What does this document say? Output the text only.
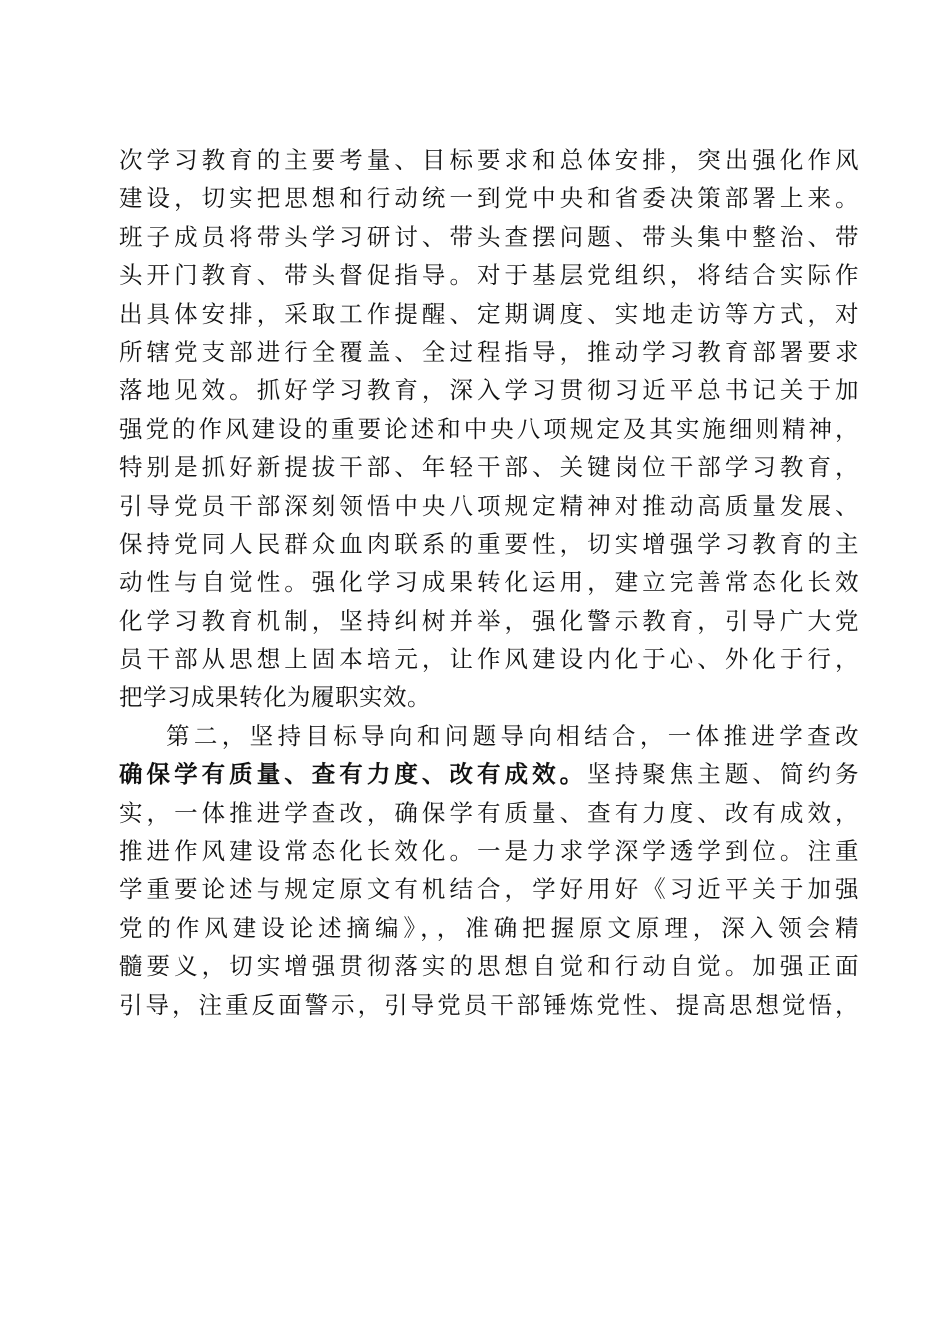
次学习教育的主要考量、目标要求和总体安排，突出强化作风
建设，切实把思想和行动统一到党中央和省委决策部署上来。
班子成员将带头学习研讨、带头查摆问题、带头集中整治、带
头开门教育、带头督促指导。对于基层党组织，将结合实际作
出具体安排，采取工作提醒、定期调度、实地走访等方式，对
所辖党支部进行全覆盖、全过程指导，推动学习教育部署要求
落地见效。抓好学习教育，深入学习贯彻习近平总书记关于加
强党的作风建设的重要论述和中央八项规定及其实施细则精神，
特别是抓好新提拔干部、年轻干部、关键岗位干部学习教育，
引导党员干部深刻领悟中央八项规定精神对推动高质量发展、
保持党同人民群众血肉联系的重要性，切实增强学习教育的主
动性与自觉性。强化学习成果转化运用，建立完善常态化长效
化学习教育机制，坚持纠树并举，强化警示教育，引导广大党
员干部从思想上固本培元，让作风建设内化于心、外化于行，
把学习成果转化为履职实效。
第二，坚持目标导向和问题导向相结合，一体推进学查改
确保学有质量、查有力度、改有成效。坚持聚焦主题、简约务
实，一体推进学查改，确保学有质量、查有力度、改有成效，
推进作风建设常态化长效化。一是力求学深学透学到位。注重
学重要论述与规定原文有机结合，学好用好《习近平关于加强
党的作风建设论述摘编》，，准确把握原文原理，深入领会精
髓要义，切实增强贯彻落实的思想自觉和行动自觉。加强正面
引导，注重反面警示，引导党员干部锤炼党性、提高思想觉悟，
